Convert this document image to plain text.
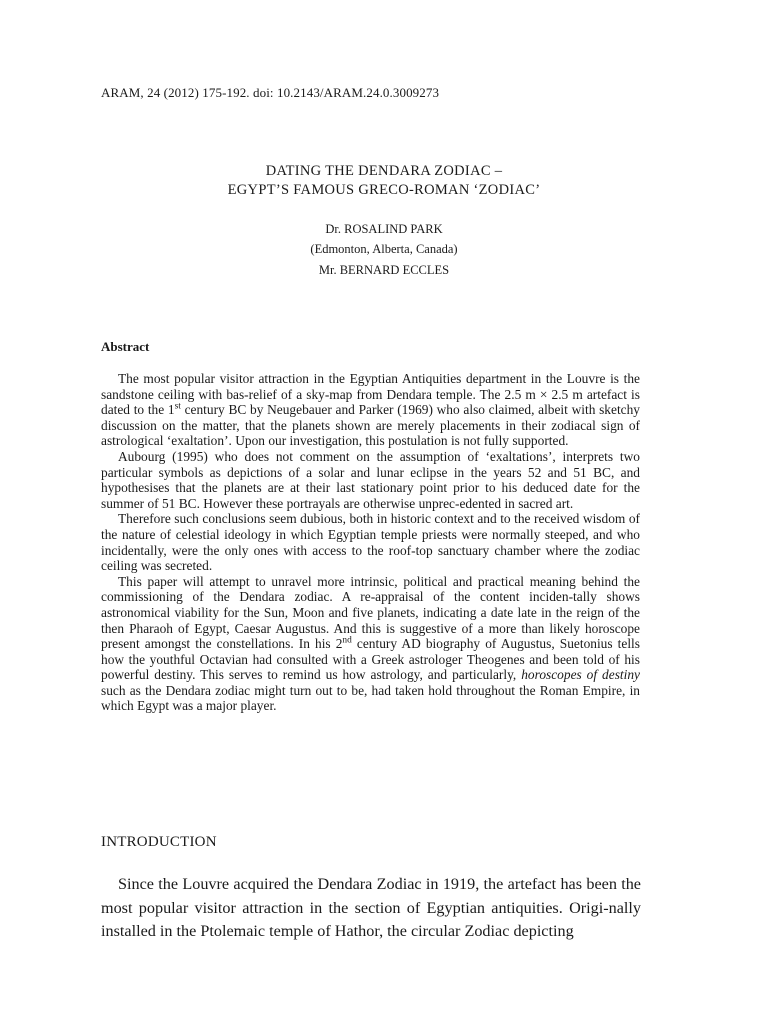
ARAM, 24 (2012) 175-192. doi: 10.2143/ARAM.24.0.3009273
DATING THE DENDARA ZODIAC –
EGYPT’S FAMOUS GRECO-ROMAN ‘ZODIAC’
Dr. ROSALIND PARK
(Edmonton, Alberta, Canada)
Mr. BERNARD ECCLES
Abstract

The most popular visitor attraction in the Egyptian Antiquities department in the Louvre is the sandstone ceiling with bas-relief of a sky-map from Dendara temple. The 2.5 m × 2.5 m artefact is dated to the 1st century BC by Neugebauer and Parker (1969) who also claimed, albeit with sketchy discussion on the matter, that the planets shown are merely placements in their zodiacal sign of astrological ‘exaltation’. Upon our investigation, this postulation is not fully supported.

Aubourg (1995) who does not comment on the assumption of ‘exaltations’, interprets two particular symbols as depictions of a solar and lunar eclipse in the years 52 and 51 BC, and hypothesises that the planets are at their last stationary point prior to his deduced date for the summer of 51 BC. However these portrayals are otherwise unprec-edented in sacred art.

Therefore such conclusions seem dubious, both in historic context and to the received wisdom of the nature of celestial ideology in which Egyptian temple priests were normally steeped, and who incidentally, were the only ones with access to the roof-top sanctuary chamber where the zodiac ceiling was secreted.

This paper will attempt to unravel more intrinsic, political and practical meaning behind the commissioning of the Dendara zodiac. A re-appraisal of the content inciden-tally shows astronomical viability for the Sun, Moon and five planets, indicating a date late in the reign of the then Pharaoh of Egypt, Caesar Augustus. And this is suggestive of a more than likely horoscope present amongst the constellations. In his 2nd century AD biography of Augustus, Suetonius tells how the youthful Octavian had consulted with a Greek astrologer Theogenes and been told of his powerful destiny. This serves to remind us how astrology, and particularly, horoscopes of destiny such as the Dendara zodiac might turn out to be, had taken hold throughout the Roman Empire, in which Egypt was a major player.

INTRODUCTION

Since the Louvre acquired the Dendara Zodiac in 1919, the artefact has been the most popular visitor attraction in the section of Egyptian antiquities. Origi-nally installed in the Ptolemaic temple of Hathor, the circular Zodiac depicting
